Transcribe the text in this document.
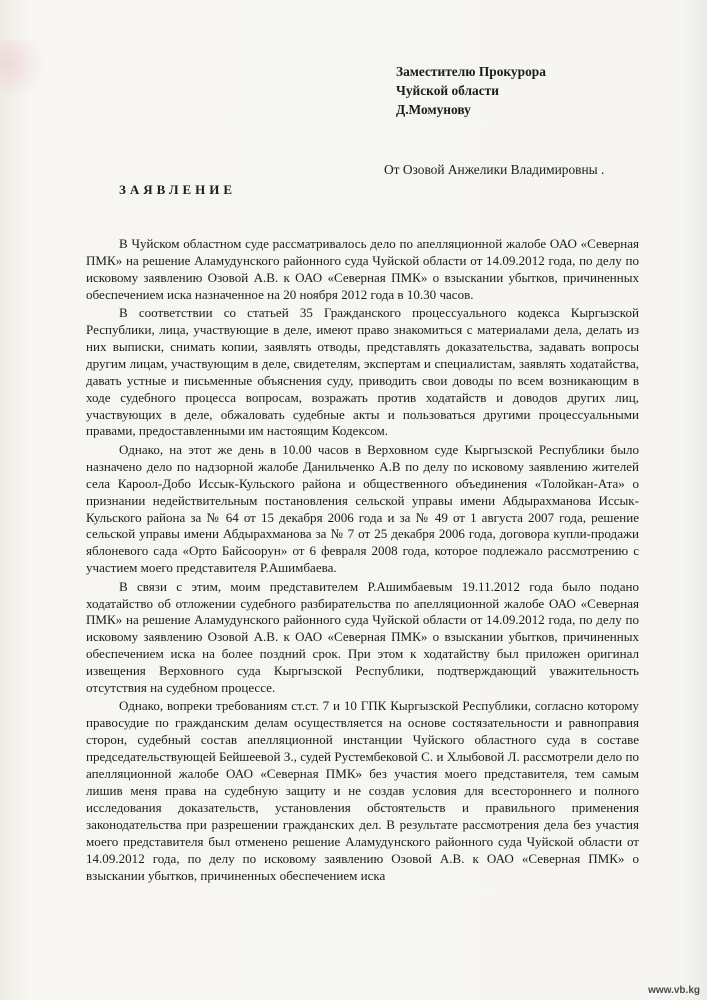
Заместителю Прокурора
Чуйской области
Д.Момунову
От Озовой Анжелики Владимировны .
ЗАЯВЛЕНИЕ

В Чуйском областном суде рассматривалось дело по апелляционной жалобе ОАО «Северная ПМК» на решение Аламудунского районного суда Чуйской области от 14.09.2012 года, по делу по исковому заявлению Озовой А.В. к ОАО «Северная ПМК» о взыскании убытков, причиненных обеспечением иска назначенное на 20 ноября 2012 года в 10.30 часов.

В соответствии со статьей 35 Гражданского процессуального кодекса Кыргызской Республики, лица, участвующие в деле, имеют право знакомиться с материалами дела, делать из них выписки, снимать копии, заявлять отводы, представлять доказательства, задавать вопросы другим лицам, участвующим в деле, свидетелям, экспертам и специалистам, заявлять ходатайства, давать устные и письменные объяснения суду, приводить свои доводы по всем возникающим в ходе судебного процесса вопросам, возражать против ходатайств и доводов других лиц, участвующих в деле, обжаловать судебные акты и пользоваться другими процессуальными правами, предоставленными им настоящим Кодексом.

Однако, на этот же день в 10.00 часов в Верховном суде Кыргызской Республики было назначено дело по надзорной жалобе Данильченко А.В по делу по исковому заявлению жителей села Кароол-Добо Иссык-Кульского района и общественного объединения «Толойкан-Ата» о признании недействительным постановления сельской управы имени Абдырахманова Иссык-Кульского района за № 64 от 15 декабря 2006 года и за № 49 от 1 августа 2007 года, решение сельской управы имени Абдырахманова за № 7 от 25 декабря 2006 года, договора купли-продажи яблоневого сада «Орто Байсоорун» от 6 февраля 2008 года, которое подлежало рассмотрению с участием моего представителя Р.Ашимбаева.

В связи с этим, моим представителем Р.Ашимбаевым 19.11.2012 года было подано ходатайство об отложении судебного разбирательства по апелляционной жалобе ОАО «Северная ПМК» на решение Аламудунского районного суда Чуйской области от 14.09.2012 года, по делу по исковому заявлению Озовой А.В. к ОАО «Северная ПМК» о взыскании убытков, причиненных обеспечением иска на более поздний срок. При этом к ходатайству был приложен оригинал извещения Верховного суда Кыргызской Республики, подтверждающий уважительность отсутствия на судебном процессе.

Однако, вопреки требованиям ст.ст. 7 и 10 ГПК Кыргызской Республики, согласно которому правосудие по гражданским делам осуществляется на основе состязательности и равноправия сторон, судебный состав апелляционной инстанции Чуйского областного суда в составе председательствующей Бейшеевой З., судей Рустембековой С. и Хлыбовой Л. рассмотрели дело по апелляционной жалобе ОАО «Северная ПМК» без участия моего представителя, тем самым лишив меня права на судебную защиту и не создав условия для всестороннего и полного исследования доказательств, установления обстоятельств и правильного применения законодательства при разрешении гражданских дел. В результате рассмотрения дела без участия моего представителя был отменено решение Аламудунского районного суда Чуйской области от 14.09.2012 года, по делу по исковому заявлению Озовой А.В. к ОАО «Северная ПМК» о взыскании убытков, причиненных обеспечением иска

www.vb.kg
